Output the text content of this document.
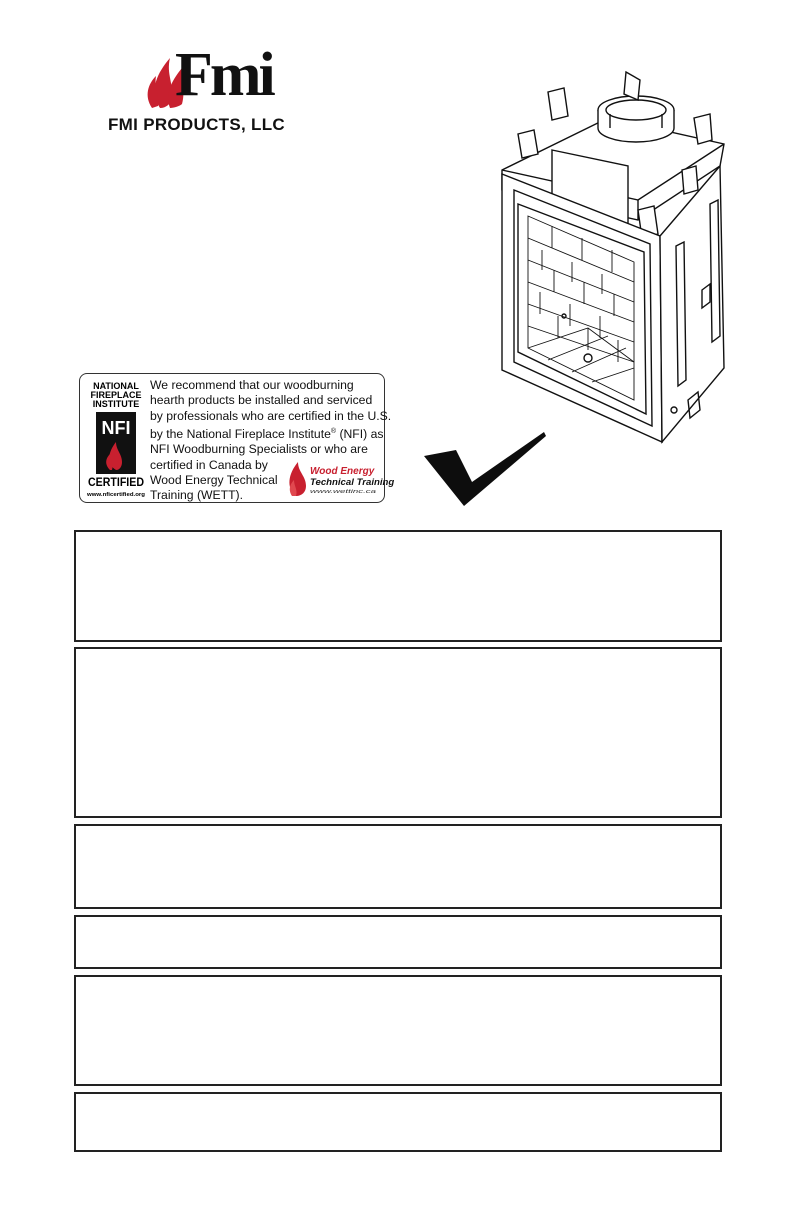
Fmi
FMI PRODUCTS, LLC
NATIONAL
FIREPLACE
INSTITUTE
NFI
CERTIFIED
www.nficertified.org
We recommend that our woodburning
hearth products be installed and serviced
by professionals who are certified in the U.S.
by the National Fireplace Institute® (NFI) as
NFI Woodburning Specialists or who are
certified in Canada by
Wood Energy Technical
Training (WETT).
Wood Energy
Technical Training
www.wettinc.ca
